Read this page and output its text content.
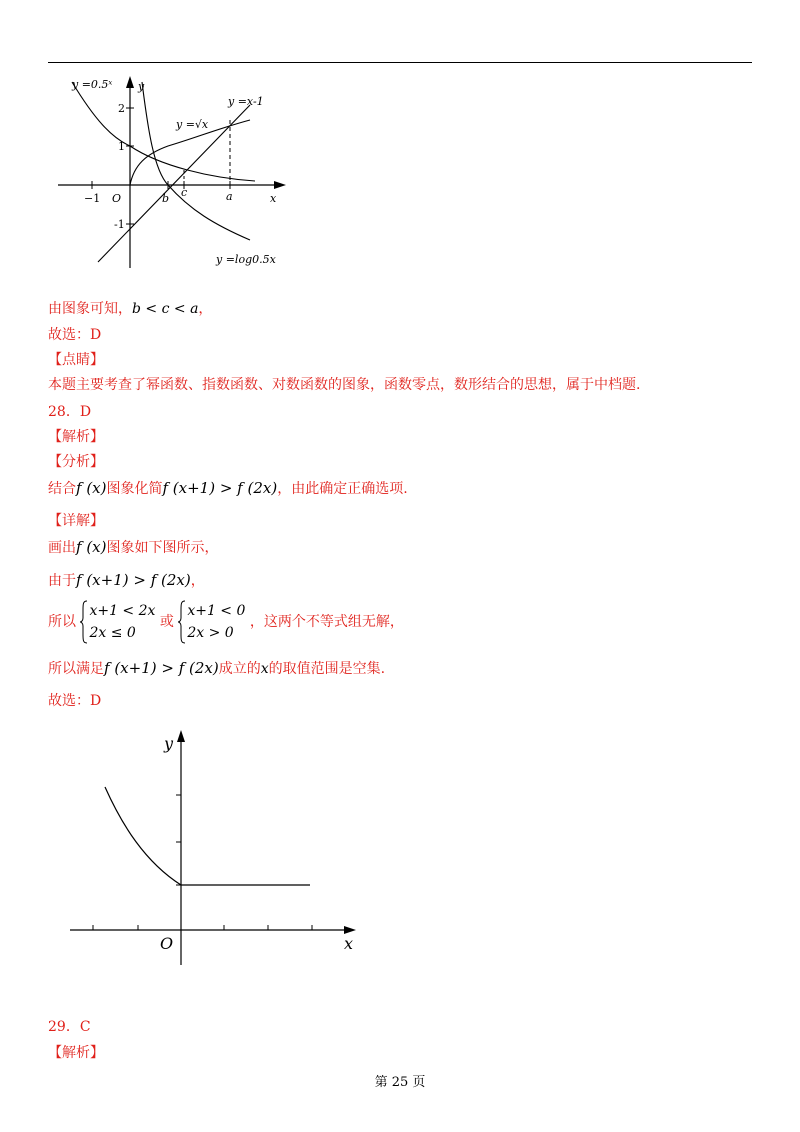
y =0.5ˣ y
y =√x
y =x-1
y =log0.5x
2
1
-1
−1 O	b c	a	x
由图象可知，b < c < a，
故选：D
【点睛】
本题主要考查了幂函数、指数函数、对数函数的图象，函数零点，数形结合的思想，属于中档题.
28．D
【解析】
【分析】
结合f (x)图象化简f (x+1) > f (2x)，由此确定正确选项.
【详解】
画出f (x)图象如下图所示，
由于f (x+1) > f (2x)，
所以
x+1 < 2x
2x ≤ 0
或
x+1 < 0
2x > 0
，这两个不等式组无解，
所以满足f (x+1) > f (2x)成立的x的取值范围是空集.
故选：D
y
O	x
29．C
【解析】
第 25 页
